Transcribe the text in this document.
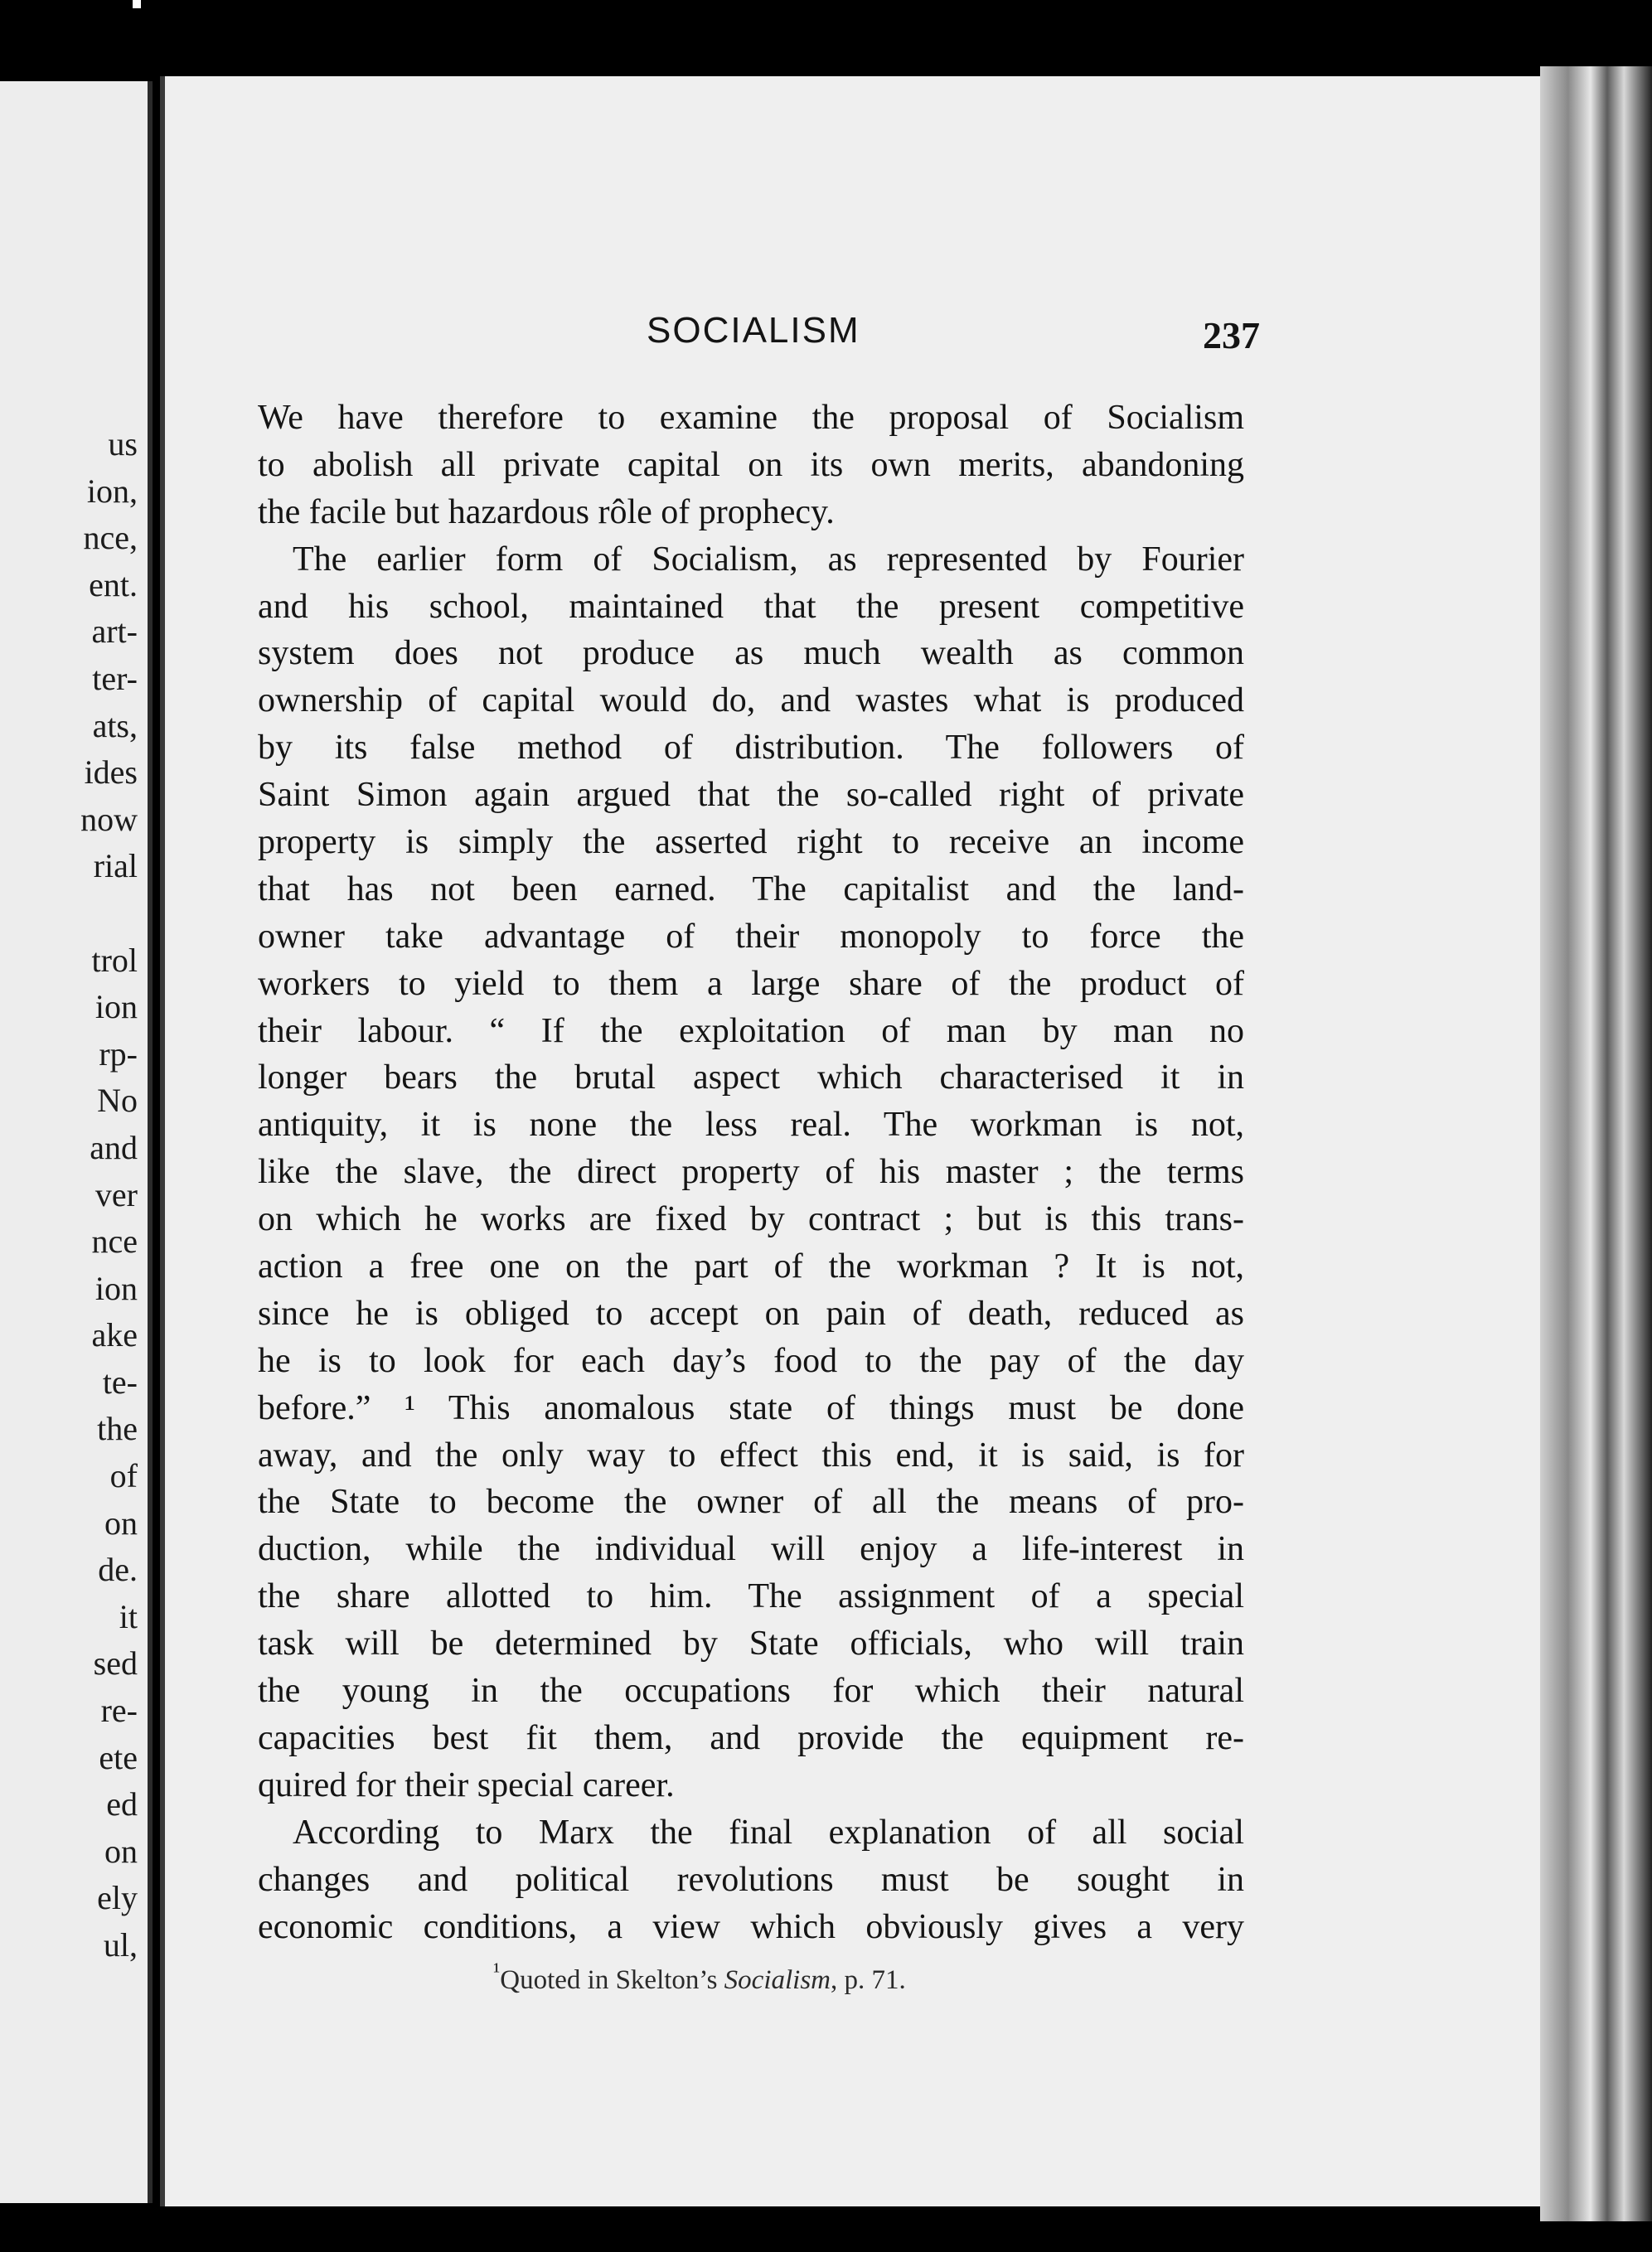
us
ion,
nce,
ent.
art-
ter-
ats,
ides
now
rial

trol
ion
rp-
No
and
ver
nce
ion
ake
te-
the
of
on
de.
it
sed
re-
ete
ed
on
ely
ul,
SOCIALISM	237
We have therefore to examine the proposal of Socialism
to abolish all private capital on its own merits, abandoning
the facile but hazardous rôle of prophecy.
The earlier form of Socialism, as represented by Fourier
and his school, maintained that the present competitive
system does not produce as much wealth as common
ownership of capital would do, and wastes what is produced
by its false method of distribution. The followers of
Saint Simon again argued that the so-called right of private
property is simply the asserted right to receive an income
that has not been earned. The capitalist and the land-
owner take advantage of their monopoly to force the
workers to yield to them a large share of the product of
their labour. “ If the exploitation of man by man no
longer bears the brutal aspect which characterised it in
antiquity, it is none the less real. The workman is not,
like the slave, the direct property of his master ; the terms
on which he works are fixed by contract ; but is this trans-
action a free one on the part of the workman ? It is not,
since he is obliged to accept on pain of death, reduced as
he is to look for each day’s food to the pay of the day
before.” ¹ This anomalous state of things must be done
away, and the only way to effect this end, it is said, is for
the State to become the owner of all the means of pro-
duction, while the individual will enjoy a life-interest in
the share allotted to him. The assignment of a special
task will be determined by State officials, who will train
the young in the occupations for which their natural
capacities best fit them, and provide the equipment re-
quired for their special career.
According to Marx the final explanation of all social
changes and political revolutions must be sought in
economic conditions, a view which obviously gives a very
$^{^1}$Quoted in Skelton’s Socialism, p. 71.
